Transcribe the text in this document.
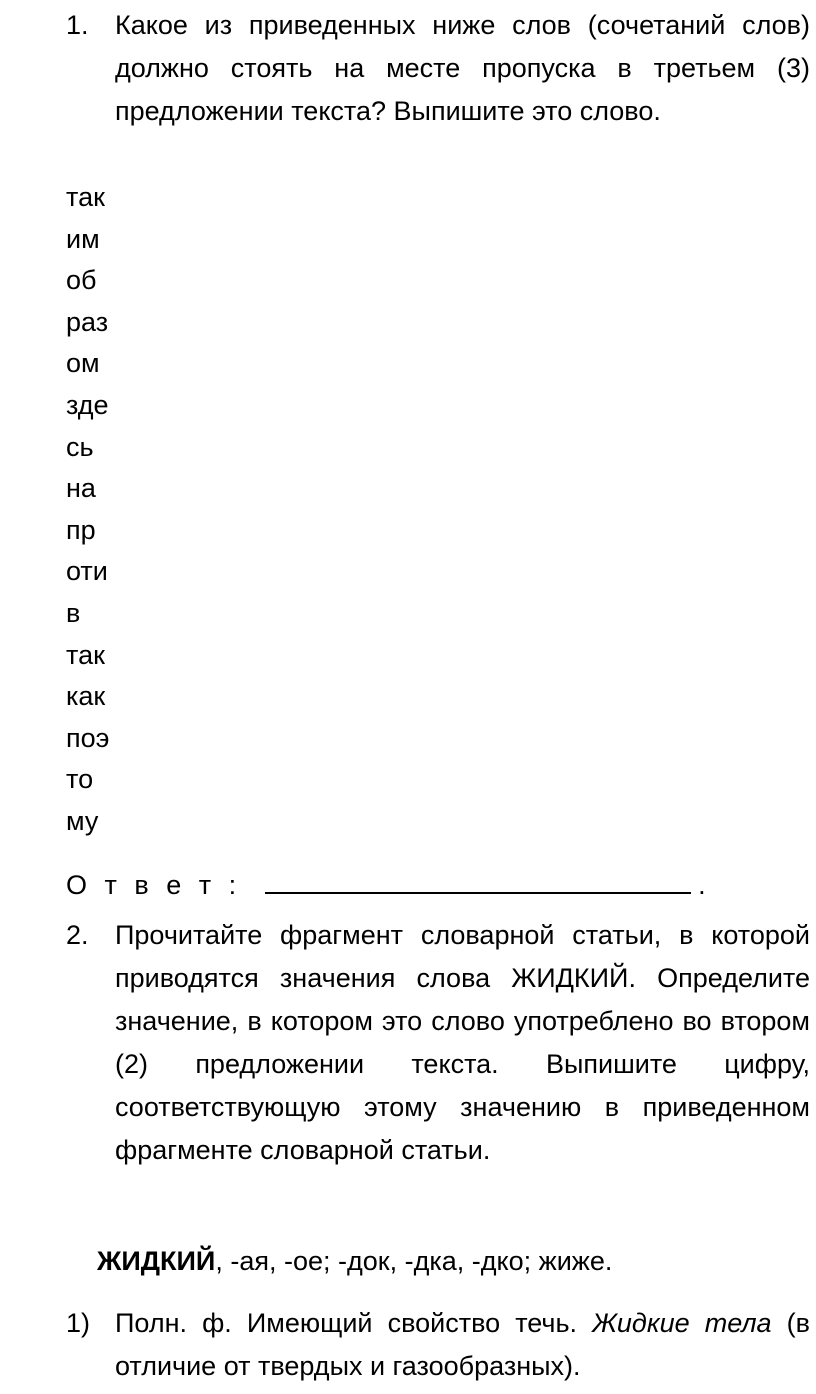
1. Какое из приведенных ниже слов (сочетаний слов) должно стоять на месте пропуска в третьем (3) предложении текста? Выпишите это слово.
так
им
об
раз
ом
зде
сь
на
пр
оти
в
так
как
поэ
то
му
О т в е т :	.
2. Прочитайте фрагмент словарной статьи, в которой приводятся значения слова ЖИДКИЙ. Определите значение, в котором это слово употреблено во втором (2) предложении текста. Выпишите цифру, соответствующую этому значению в приведенном фрагменте словарной статьи.
ЖИДКИЙ, -ая, -ое; -док, -дка, -дко; жиже.
1) Полн. ф. Имеющий свойство течь. Жидкие тела (в отличие от твердых и газообразных).
